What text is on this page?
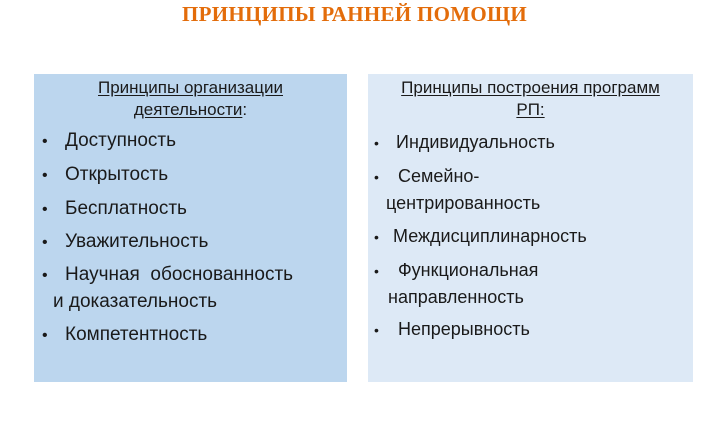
ПРИНЦИПЫ РАННЕЙ ПОМОЩИ
Принципы организации
деятельности:
• Доступность
• Открытость
• Бесплатность
• Уважительность
• Научная  обоснованность
и доказательность
• Компетентность
Принципы построения программ
РП:
• Индивидуальность
• Семейно-
центрированность
• Междисциплинарность
• Функциональная
направленность
• Непрерывность
